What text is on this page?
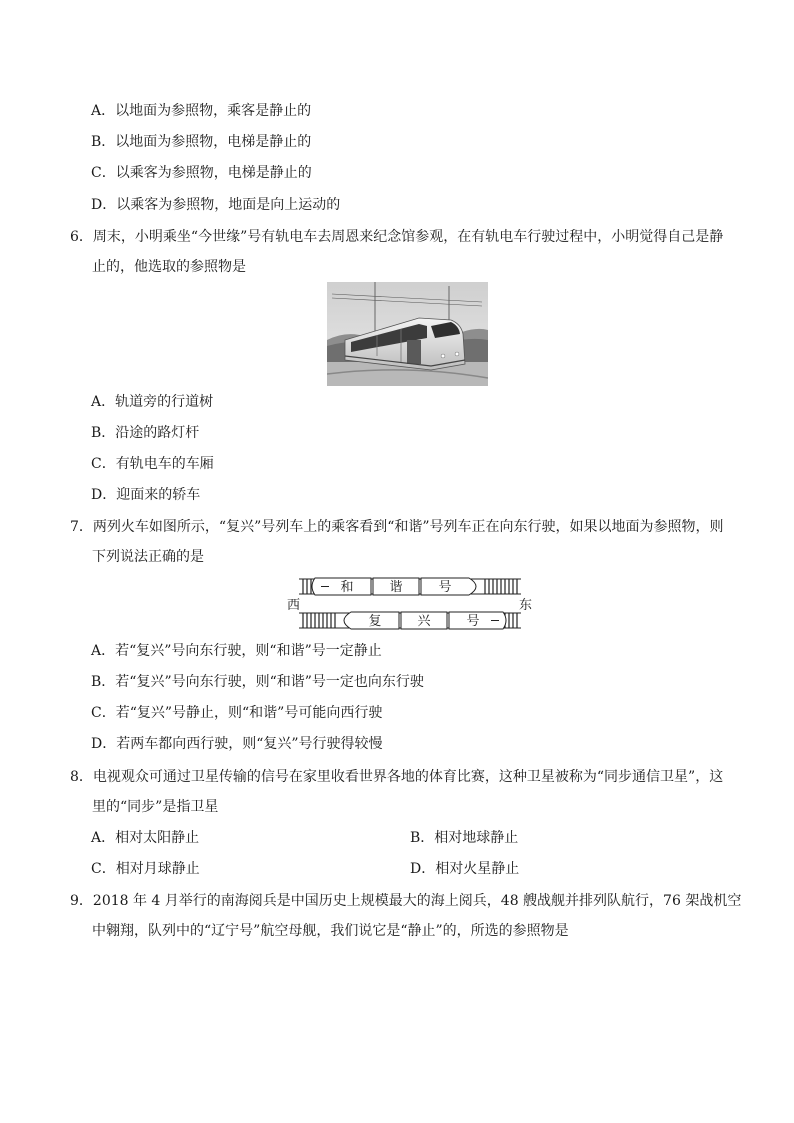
A．以地面为参照物，乘客是静止的
B．以地面为参照物，电梯是静止的
C．以乘客为参照物，电梯是静止的
D．以乘客为参照物，地面是向上运动的
6．周末，小明乘坐“今世缘”号有轨电车去周恩来纪念馆参观，在有轨电车行驶过程中，小明觉得自己是静
止的，他选取的参照物是
A．轨道旁的行道树
B．沿途的路灯杆
C．有轨电车的车厢
D．迎面来的轿车
7．两列火车如图所示，“复兴”号列车上的乘客看到“和谐”号列车正在向东行驶，如果以地面为参照物，则
下列说法正确的是
和	谐	号
西	东
复	兴	号
A．若“复兴”号向东行驶，则“和谐”号一定静止
B．若“复兴”号向东行驶，则“和谐”号一定也向东行驶
C．若“复兴”号静止，则“和谐”号可能向西行驶
D．若两车都向西行驶，则“复兴”号行驶得较慢
8．电视观众可通过卫星传输的信号在家里收看世界各地的体育比赛，这种卫星被称为“同步通信卫星”，这
里的“同步”是指卫星
A．相对太阳静止	B．相对地球静止
C．相对月球静止	D．相对火星静止
9．2018 年 4 月举行的南海阅兵是中国历史上规模最大的海上阅兵，48 艘战舰并排列队航行，76 架战机空
中翱翔，队列中的“辽宁号”航空母舰，我们说它是“静止”的，所选的参照物是
